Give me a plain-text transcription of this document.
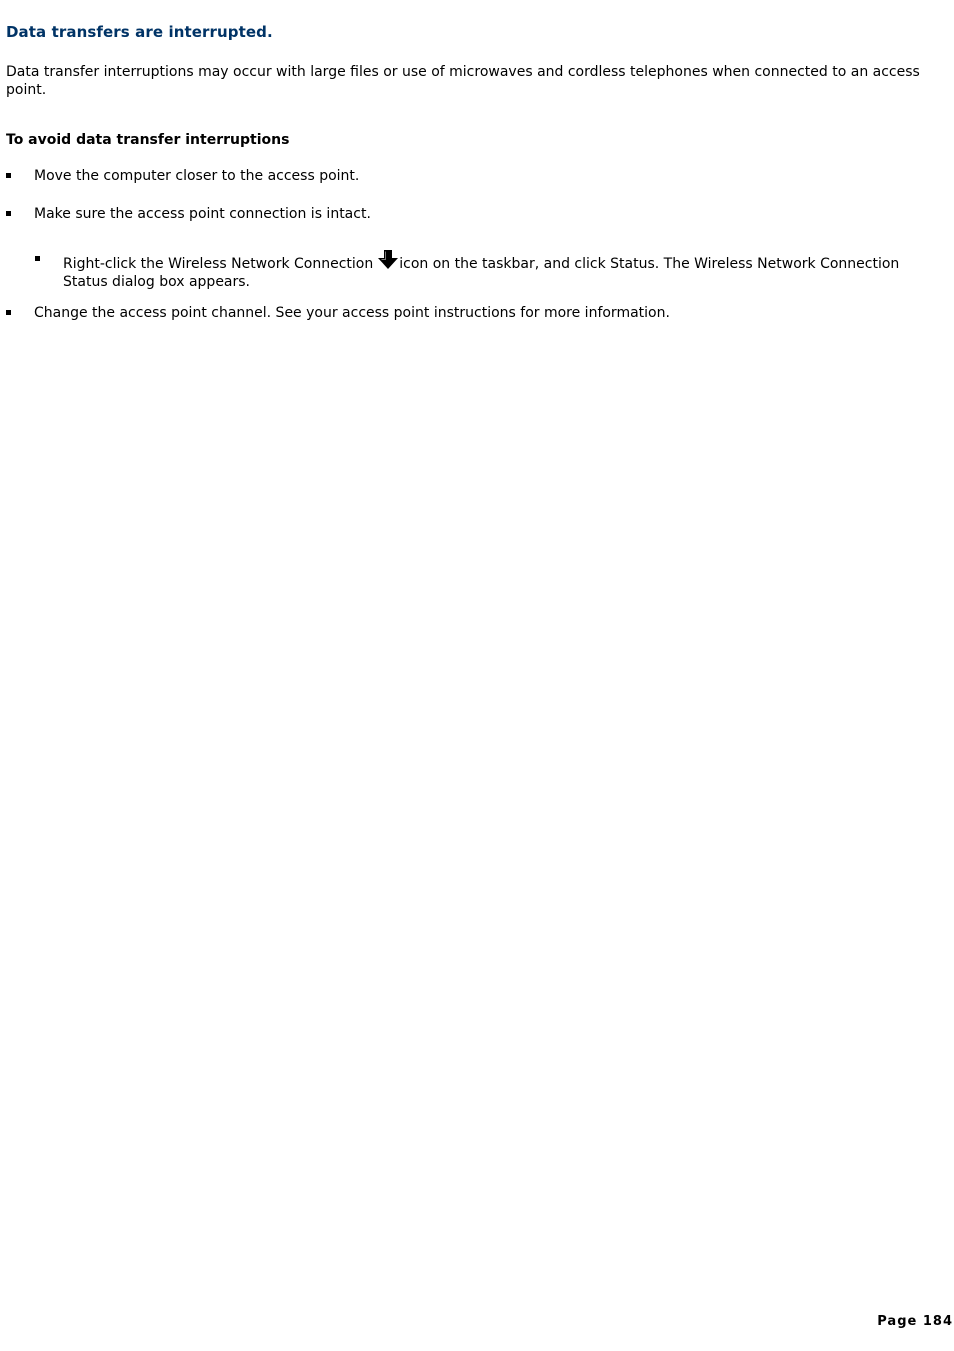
Data transfers are interrupted.

Data transfer interruptions may occur with large files or use of microwaves and cordless telephones when connected to an access point.

To avoid data transfer interruptions
Move the computer closer to the access point.
Make sure the access point connection is intact.
Right-click the Wireless Network Connection icon on the taskbar, and click Status. The Wireless Network Connection Status dialog box appears.
Change the access point channel. See your access point instructions for more information.
Page 184
